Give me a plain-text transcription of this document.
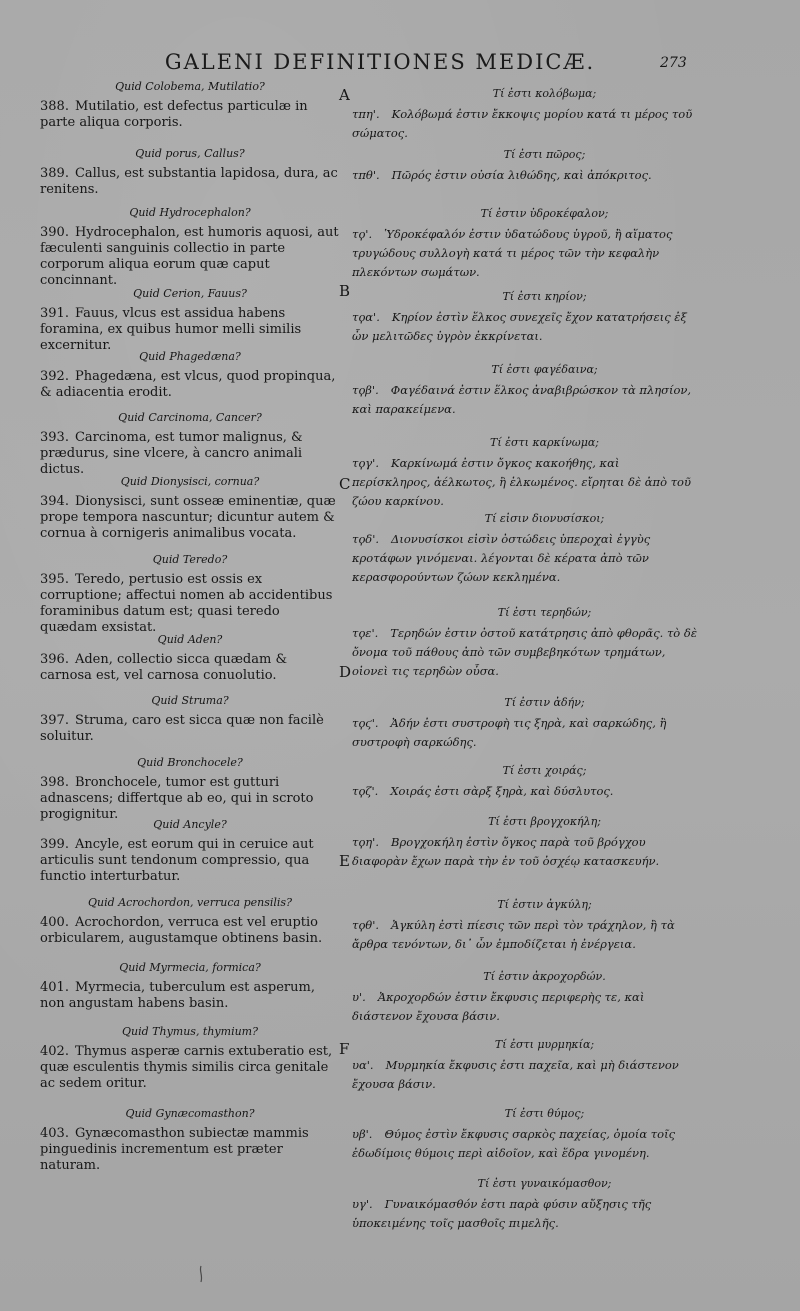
GALENI DEFINITIONES MEDICÆ.	273
A
B
C
D
E
F
Quid Colobema, Mutilatio?
388. Mutilatio, est defectus particulæ in parte aliqua corporis.
Quid porus, Callus?
389. Callus, est substantia lapidosa, dura, ac renitens.
Quid Hydrocephalon?
390. Hydrocephalon, est humoris aquosi, aut fæculenti sanguinis collectio in parte corporum aliqua eorum quæ caput concinnant.
Quid Cerion, Fauus?
391. Fauus, vlcus est assidua habens foramina, ex quibus humor melli similis excernitur.
Quid Phagedæna?
392. Phagedæna, est vlcus, quod propinqua, & adiacentia erodit.
Quid Carcinoma, Cancer?
393. Carcinoma, est tumor malignus, & prædurus, sine vlcere, à cancro animali dictus.
Quid Dionysisci, cornua?
394. Dionysisci, sunt osseæ eminentiæ, quæ prope tempora nascuntur; dicuntur autem & cornua à cornigeris animalibus vocata.
Quid Teredo?
395. Teredo, pertusio est ossis ex corruptione; affectui nomen ab accidentibus foraminibus datum est; quasi teredo quædam exsistat.
Quid Aden?
396. Aden, collectio sicca quædam & carnosa est, vel carnosa conuolutio.
Quid Struma?
397. Struma, caro est sicca quæ non facilè soluitur.
Quid Bronchocele?
398. Bronchocele, tumor est gutturi adnascens; differtque ab eo, qui in scroto progignitur.
Quid Ancyle?
399. Ancyle, est eorum qui in ceruice aut articulis sunt tendonum compressio, qua functio interturbatur.
Quid Acrochordon, verruca pensilis?
400. Acrochordon, verruca est vel eruptio orbicularem, augustamque obtinens basin.
Quid Myrmecia, formica?
401. Myrmecia, tuberculum est asperum, non angustam habens basin.
Quid Thymus, thymium?
402. Thymus asperæ carnis extuberatio est, quæ esculentis thymis similis circa genitale ac sedem oritur.
Quid Gynæcomasthon?
403. Gynæcomasthon subiectæ mammis pinguedinis incrementum est præter naturam.
Τί ἐστι κολόβωμα;
τπη'. Κολόβωμά ἐστιν ἔκκοψις μορίου κατά τι μέρος τοῦ σώματος.
Τί ἐστι πῶρος;
τπθ'. Πῶρός ἐστιν οὐσία λιθώδης, καὶ ἀπόκριτος.
Τί ἐστιν ὑδροκέφαλον;
τϙ'. Ὑδροκέφαλόν ἐστιν ὑδατώδους ὑγροῦ, ἢ αἵματος τρυγώδους συλλογὴ κατά τι μέρος τῶν τὴν κεφαλὴν πλεκόντων σωμάτων.
Τί ἐστι κηρίον;
τϙα'. Κηρίον ἐστὶν ἕλκος συνεχεῖς ἔχον κατατρήσεις ἐξ ὧν μελιτῶδες ὑγρὸν ἐκκρίνεται.
Τί ἐστι φαγέδαινα;
τϙβ'. Φαγέδαινά ἐστιν ἕλκος ἀναβιβρώσκον τὰ πλησίον, καὶ παρακείμενα.
Τί ἐστι καρκίνωμα;
τϙγ'. Καρκίνωμά ἐστιν ὄγκος κακοήθης, καὶ περίσκληρος, ἀέλκωτος, ἢ ἑλκωμένος. εἴρηται δὲ ἀπὸ τοῦ ζώου καρκίνου.
Τί εἰσιν διονυσίσκοι;
τϙδ'. Διονυσίσκοι εἰσὶν ὀστώδεις ὑπεροχαὶ ἐγγὺς κροτάφων γινόμεναι. λέγονται δὲ κέρατα ἀπὸ τῶν κερασφορούντων ζώων κεκλημένα.
Τί ἐστι τερηδών;
τϙε'. Τερηδών ἐστιν ὀστοῦ κατάτρησις ἀπὸ φθορᾶς. τὸ δὲ ὄνομα τοῦ πάθους ἀπὸ τῶν συμβεβηκότων τρημάτων, οἱονεὶ τις τερηδὼν οὖσα.
Τί ἐστιν ἀδήν;
τϙϛ'. Ἀδήν ἐστι συστροφὴ τις ξηρὰ, καὶ σαρκώδης, ἢ συστροφὴ σαρκώδης.
Τί ἐστι χοιράς;
τϙζ'. Χοιράς ἐστι σὰρξ ξηρὰ, καὶ δύσλυτος.
Τί ἐστι βρογχοκήλη;
τϙη'. Βρογχοκήλη ἐστὶν ὄγκος παρὰ τοῦ βρόγχου διαφορὰν ἔχων παρὰ τὴν ἐν τοῦ ὀσχέῳ κατασκευήν.
Τί ἐστιν ἀγκύλη;
τϙθ'. Ἀγκύλη ἐστὶ πίεσις τῶν περὶ τὸν τράχηλον, ἢ τὰ ἄρθρα τενόντων, δι᾽ ὧν ἐμποδίζεται ἡ ἐνέργεια.
Τί ἐστιν ἀκροχορδών.
υ'. Ἀκροχορδών ἐστιν ἔκφυσις περιφερὴς τε, καὶ διάστενον ἔχουσα βάσιν.
Τί ἐστι μυρμηκία;
υα'. Μυρμηκία ἔκφυσις ἐστι παχεῖα, καὶ μὴ διάστενον ἔχουσα βάσιν.
Τί ἐστι θύμος;
υβ'. Θύμος ἐστὶν ἔκφυσις σαρκὸς παχείας, ὁμοία τοῖς ἐδωδίμοις θύμοις περὶ αἰδοῖον, καὶ ἕδρα γινομένη.
Τί ἐστι γυναικόμασθον;
υγ'. Γυναικόμασθόν ἐστι παρὰ φύσιν αὔξησις τῆς ὑποκειμένης τοῖς μασθοῖς πιμελῆς.
